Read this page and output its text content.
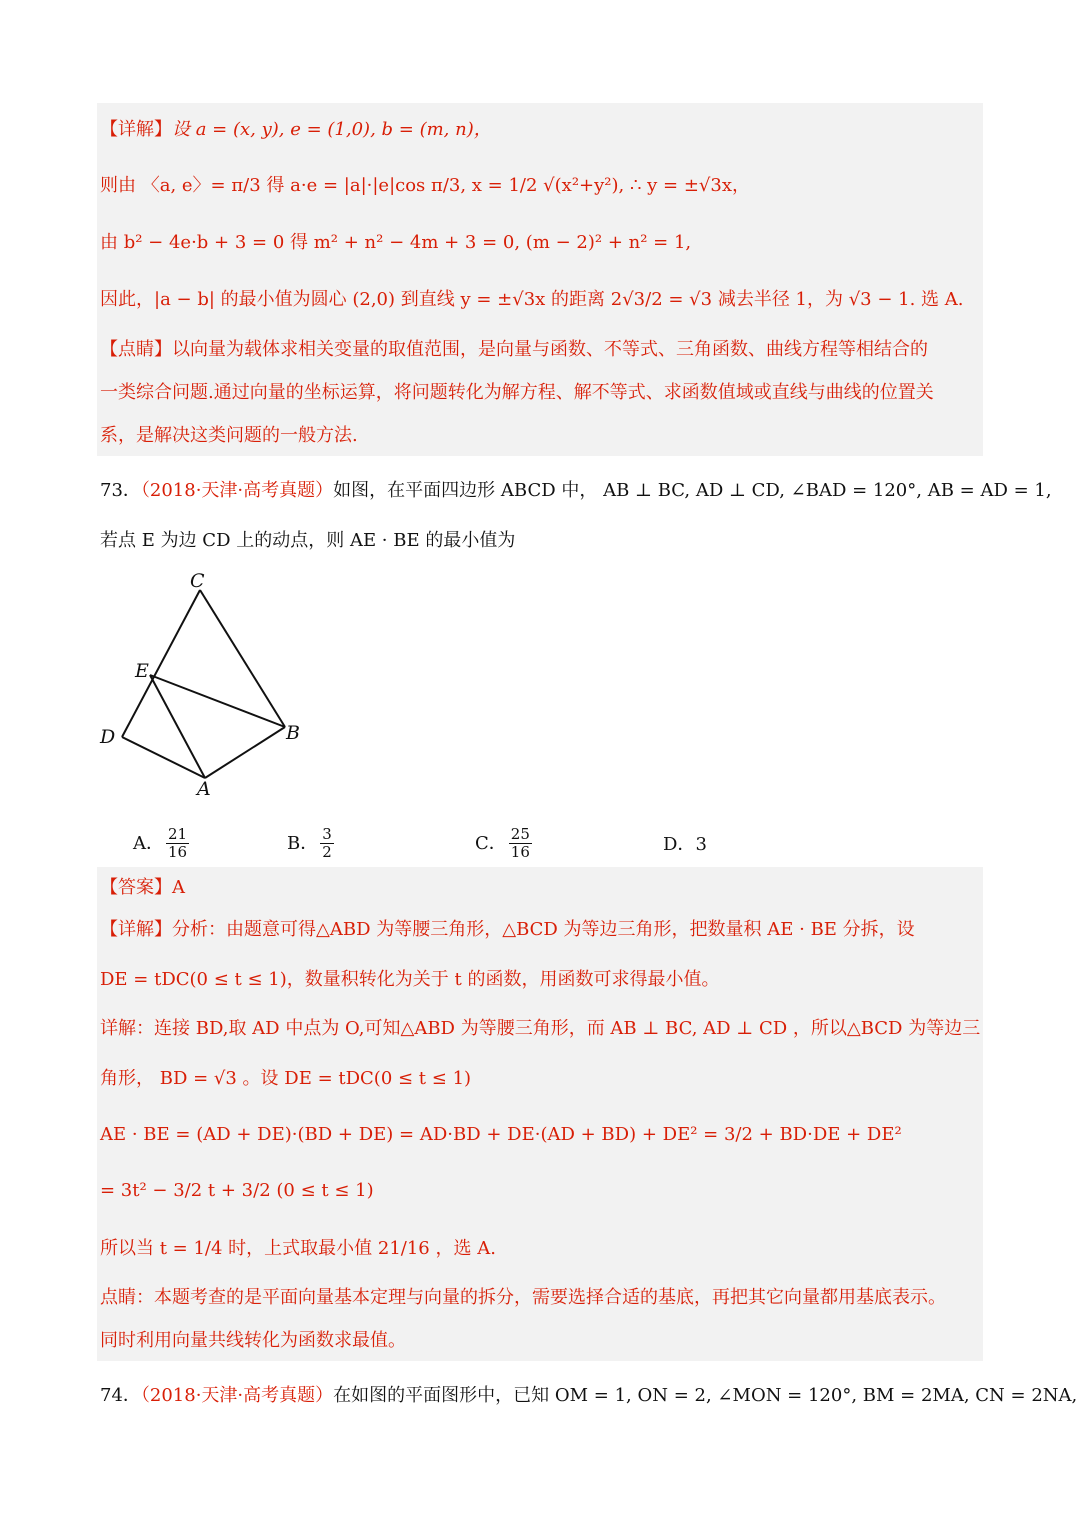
【详解】设 a = (x, y), e = (1,0), b = (m, n)，
则由 〈a, e〉= π/3 得 a·e = |a|·|e|cos π/3, x = 1/2 √(x²+y²), ∴ y = ±√3x，
由 b² − 4e·b + 3 = 0 得 m² + n² − 4m + 3 = 0, (m − 2)² + n² = 1,
因此，|a − b| 的最小值为圆心 (2,0) 到直线 y = ±√3x 的距离 2√3/2 = √3 减去半径 1，为 √3 − 1. 选 A.
【点睛】以向量为载体求相关变量的取值范围，是向量与函数、不等式、三角函数、曲线方程等相结合的
一类综合问题.通过向量的坐标运算，将问题转化为解方程、解不等式、求函数值域或直线与曲线的位置关
系，是解决这类问题的一般方法.
73．（2018·天津·高考真题）如图，在平面四边形 ABCD 中， AB ⊥ BC, AD ⊥ CD, ∠BAD = 120°, AB = AD = 1,
若点 E 为边 CD 上的动点，则 AE · BE 的最小值为
C
E
D	B
A
A． $\frac{21}{16}$	B． $\frac{3}{2}$	C． $\frac{25}{16}$	D．3
【答案】A
【详解】分析：由题意可得△ABD 为等腰三角形，△BCD 为等边三角形，把数量积 AE · BE 分拆，设
DE = tDC(0 ≤ t ≤ 1)，数量积转化为关于 t 的函数，用函数可求得最小值。
详解：连接 BD,取 AD 中点为 O,可知△ABD 为等腰三角形，而 AB ⊥ BC, AD ⊥ CD ，所以△BCD 为等边三
角形， BD = √3 。设 DE = tDC(0 ≤ t ≤ 1)
AE · BE = (AD + DE)·(BD + DE) = AD·BD + DE·(AD + BD) + DE² = 3/2 + BD·DE + DE²
= 3t² − 3/2 t + 3/2 (0 ≤ t ≤ 1)
所以当 t = 1/4 时，上式取最小值 21/16 ，选 A.
点睛：本题考查的是平面向量基本定理与向量的拆分，需要选择合适的基底，再把其它向量都用基底表示。
同时利用向量共线转化为函数求最值。
74．（2018·天津·高考真题）在如图的平面图形中，已知 OM = 1, ON = 2, ∠MON = 120°, BM = 2MA, CN = 2NA,
